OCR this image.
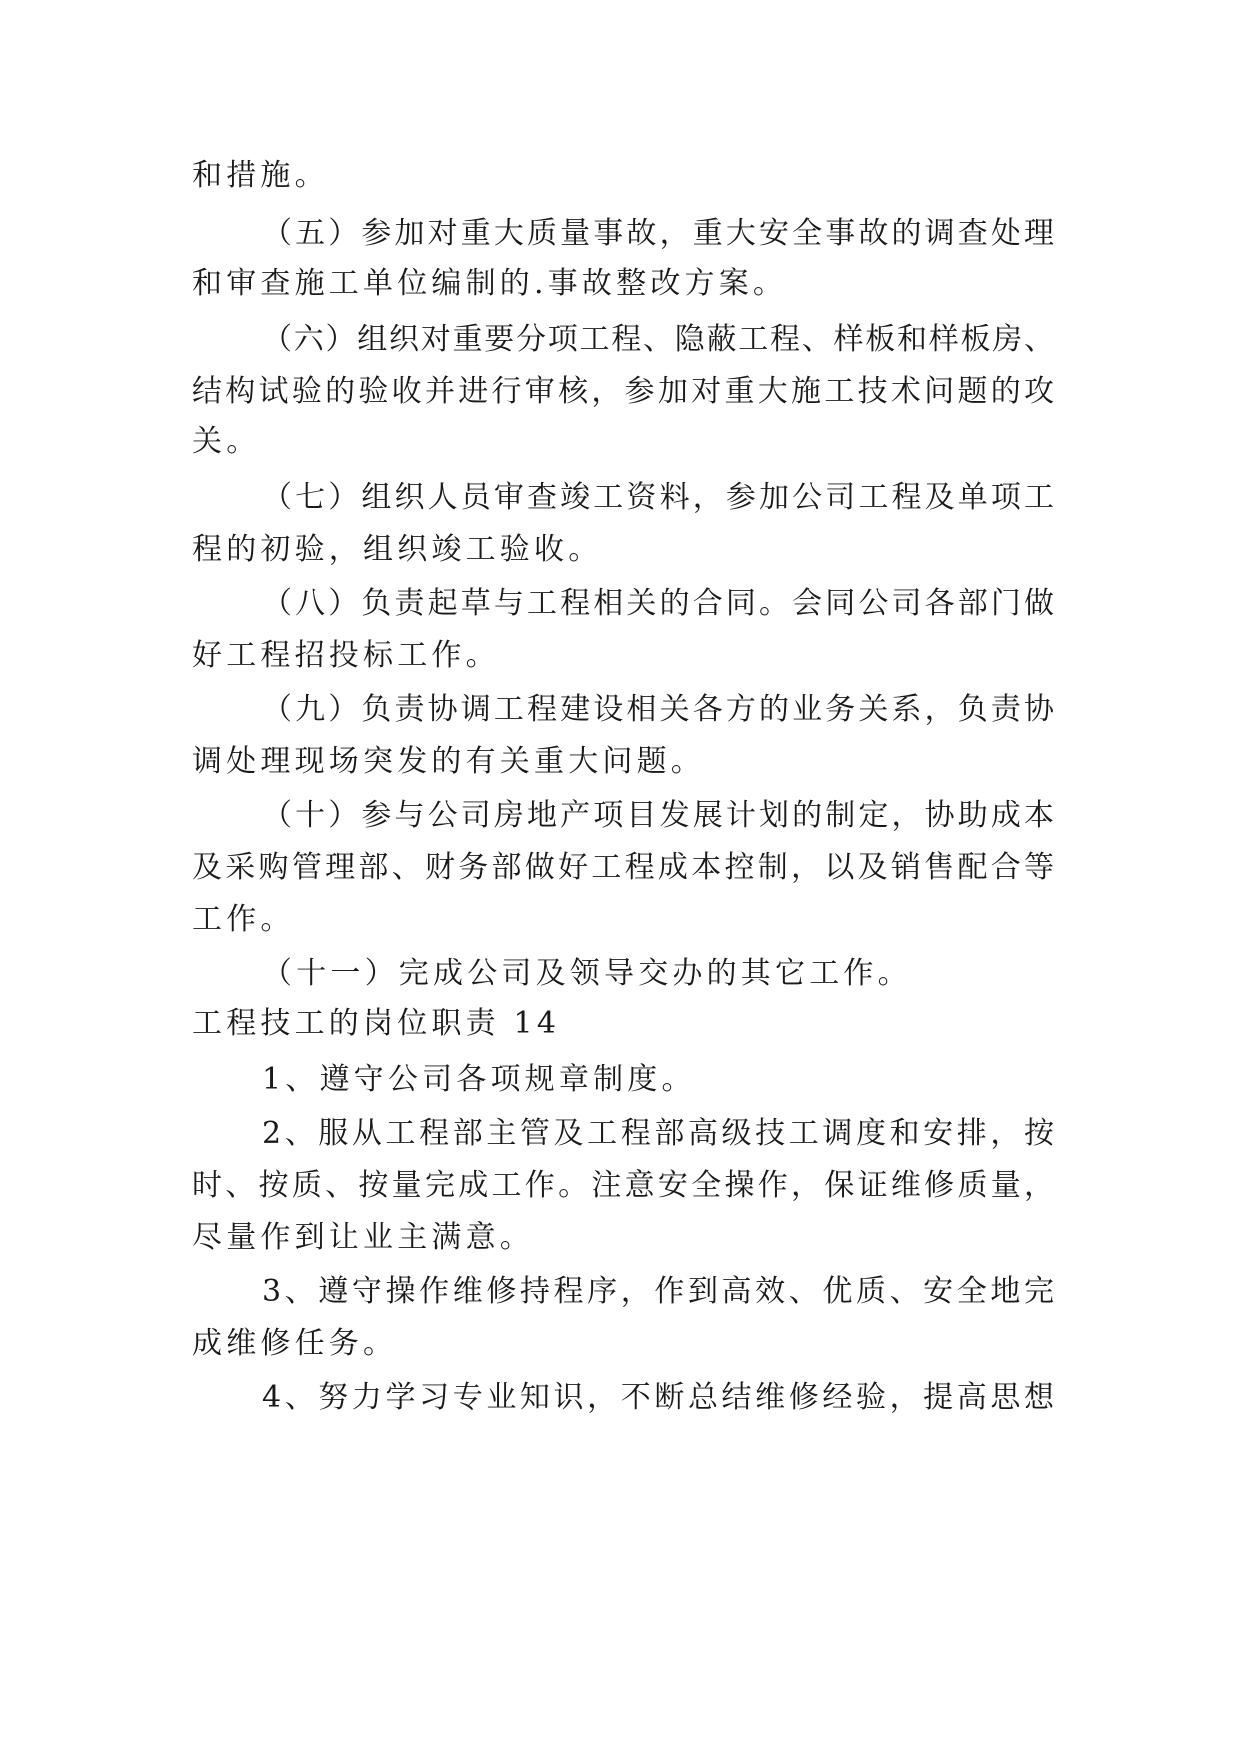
和措施。
（五）参加对重大质量事故，重大安全事故的调查处理
和审查施工单位编制的.事故整改方案。
（六）组织对重要分项工程、隐蔽工程、样板和样板房、
结构试验的验收并进行审核，参加对重大施工技术问题的攻
关。
（七）组织人员审查竣工资料，参加公司工程及单项工
程的初验，组织竣工验收。
（八）负责起草与工程相关的合同。会同公司各部门做
好工程招投标工作。
（九）负责协调工程建设相关各方的业务关系，负责协
调处理现场突发的有关重大问题。
（十）参与公司房地产项目发展计划的制定，协助成本
及采购管理部、财务部做好工程成本控制，以及销售配合等
工作。
（十一）完成公司及领导交办的其它工作。
工程技工的岗位职责 14
1、遵守公司各项规章制度。
2、服从工程部主管及工程部高级技工调度和安排，按
时、按质、按量完成工作。注意安全操作，保证维修质量，
尽量作到让业主满意。
3、遵守操作维修持程序，作到高效、优质、安全地完
成维修任务。
4、努力学习专业知识，不断总结维修经验，提高思想
